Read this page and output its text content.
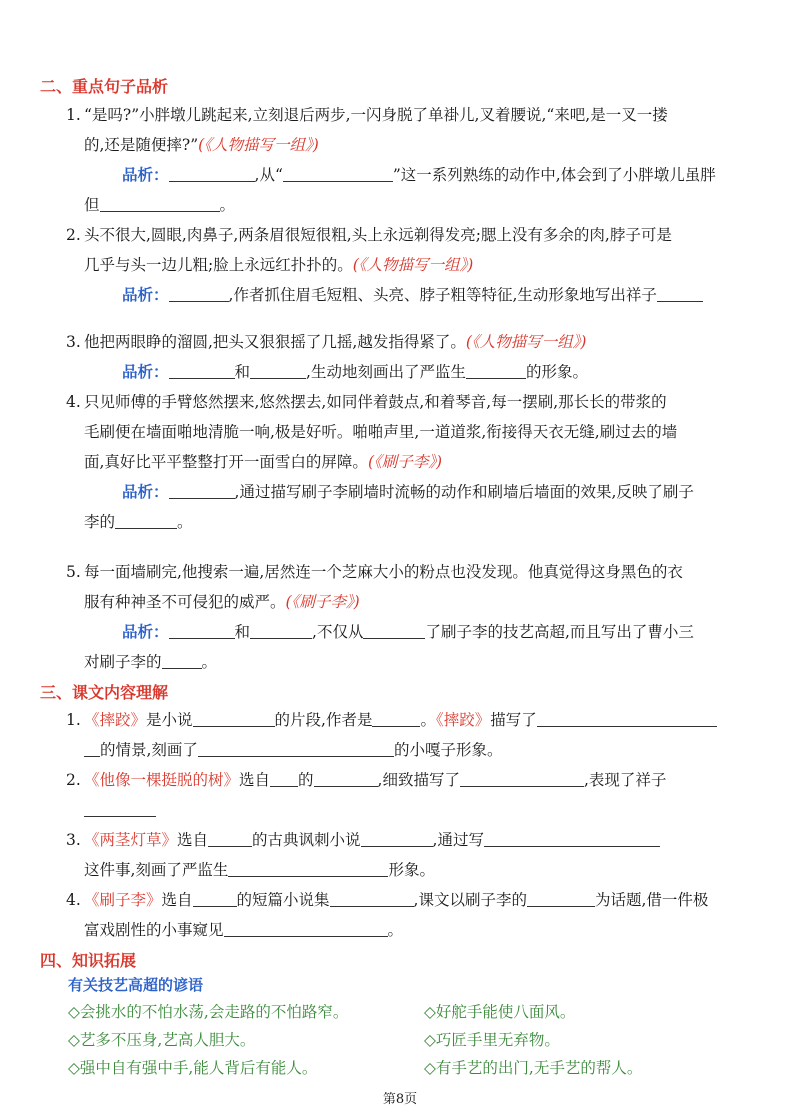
二、重点句子品析
1. “是吗?”小胖墩儿跳起来,立刻退后两步,一闪身脱了单褂儿,叉着腰说,“来吧,是一叉一搂
的,还是随便摔?”(《人物描写一组》)
品析：	,从“	”这一系列熟练的动作中,体会到了小胖墩儿虽胖
但	。
2. 头不很大,圆眼,肉鼻子,两条眉很短很粗,头上永远剃得发亮;腮上没有多余的肉,脖子可是
几乎与头一边儿粗;脸上永远红扑扑的。(《人物描写一组》)
品析：	,作者抓住眉毛短粗、头亮、脖子粗等特征,生动形象地写出祥子
3. 他把两眼睁的溜圆,把头又狠狠摇了几摇,越发指得紧了。(《人物描写一组》)
品析：	和	,生动地刻画出了严监生	的形象。
4. 只见师傅的手臂悠然摆来,悠然摆去,如同伴着鼓点,和着琴音,每一摆刷,那长长的带浆的
毛刷便在墙面啪地清脆一响,极是好听。啪啪声里,一道道浆,衔接得天衣无缝,刷过去的墙
面,真好比平平整整打开一面雪白的屏障。(《刷子李》)
品析：	,通过描写刷子李刷墙时流畅的动作和刷墙后墙面的效果,反映了刷子
李的	。
5. 每一面墙刷完,他搜索一遍,居然连一个芝麻大小的粉点也没发现。他真觉得这身黑色的衣
服有种神圣不可侵犯的威严。(《刷子李》)
品析：	和	,不仅从	了刷子李的技艺高超,而且写出了曹小三
对刷子李的	。
三、课文内容理解
1. 《摔跤》是小说	的片段,作者是	。《摔跤》描写了
的情景,刻画了	的小嘎子形象。
2. 《他像一棵挺脱的树》选自 的	,细致描写了	,表现了祥子
3. 《两茎灯草》选自	的古典讽刺小说	,通过写
这件事,刻画了严监生	形象。
4. 《刷子李》选自	的短篇小说集	,课文以刷子李的	为话题,借一件极
富戏剧性的小事窥见	。
四、知识拓展
有关技艺高超的谚语
◇会挑水的不怕水荡,会走路的不怕路窄。	◇好舵手能使八面风。
◇艺多不压身,艺高人胆大。	◇巧匠手里无弃物。
◇强中自有强中手,能人背后有能人。	◇有手艺的出门,无手艺的帮人。
第8页
